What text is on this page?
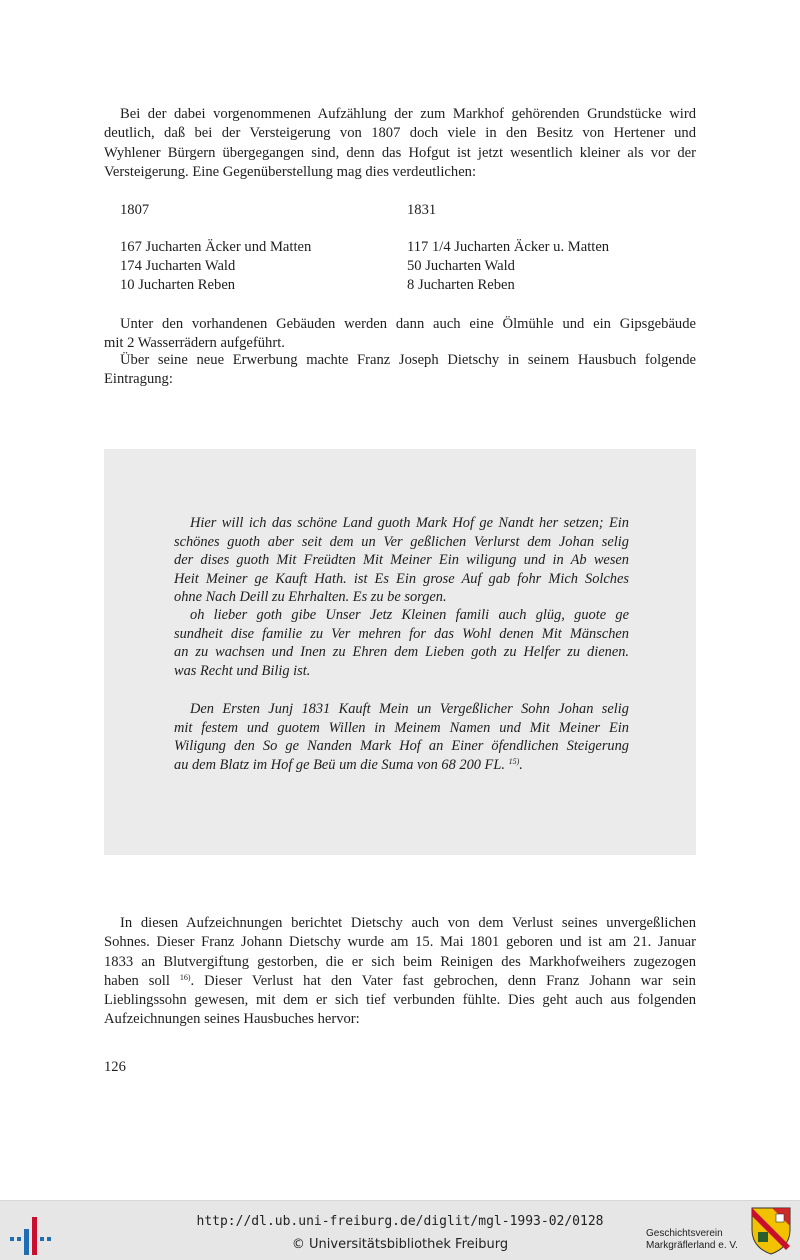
Bei der dabei vorgenommenen Aufzählung der zum Markhof gehörenden Grundstücke wird
deutlich, daß bei der Versteigerung von 1807 doch viele in den Besitz von Hertener und
Wyhlener Bürgern übergegangen sind, denn das Hofgut ist jetzt wesentlich kleiner als vor der
Versteigerung. Eine Gegenüberstellung mag dies verdeutlichen:
1807	1831
167 Jucharten Äcker und Matten	117 1/4 Jucharten Äcker u. Matten
174 Jucharten Wald	50 Jucharten Wald
10 Jucharten Reben	8 Jucharten Reben
Unter den vorhandenen Gebäuden werden dann auch eine Ölmühle und ein Gipsgebäude
mit 2 Wasserrädern aufgeführt.
Über seine neue Erwerbung machte Franz Joseph Dietschy in seinem Hausbuch folgende
Eintragung:
Hier will ich das schöne Land guoth Mark Hof ge Nandt her setzen; Ein
schönes guoth aber seit dem un Ver geßlichen Verlurst dem Johan selig
der dises guoth Mit Freüdten Mit Meiner Ein wiligung und in Ab wesen
Heit Meiner ge Kauft Hath. ist Es Ein grose Auf gab fohr Mich Solches
ohne Nach Deill zu Ehrhalten. Es zu be sorgen.
oh lieber goth gibe Unser Jetz Kleinen famili auch glüg, guote ge
sundheit dise familie zu Ver mehren for das Wohl denen Mit Mänschen
an zu wachsen und Inen zu Ehren dem Lieben goth zu Helfer zu dienen.
was Recht und Bilig ist.
Den Ersten Junj 1831 Kauft Mein un Vergeßlicher Sohn Johan selig
mit festem und guotem Willen in Meinem Namen und Mit Meiner Ein
Wiligung den So ge Nanden Mark Hof an Einer öfendlichen Steigerung
au dem Blatz im Hof ge Beü um die Suma von 68 200 FL. $^{15)}$.
In diesen Aufzeichnungen berichtet Dietschy auch von dem Verlust seines unvergeßlichen
Sohnes. Dieser Franz Johann Dietschy wurde am 15. Mai 1801 geboren und ist am 21. Januar
1833 an Blutvergiftung gestorben, die er sich beim Reinigen des Markhofweihers zugezogen
haben soll $^{16)}$. Dieser Verlust hat den Vater fast gebrochen, denn Franz Johann war sein
Lieblingssohn gewesen, mit dem er sich tief verbunden fühlte. Dies geht auch aus folgenden
Aufzeichnungen seines Hausbuches hervor:
126
http://dl.ub.uni-freiburg.de/diglit/mgl-1993-02/0128
© Universitätsbibliothek Freiburg
Geschichtsverein
Markgräflerland e. V.
